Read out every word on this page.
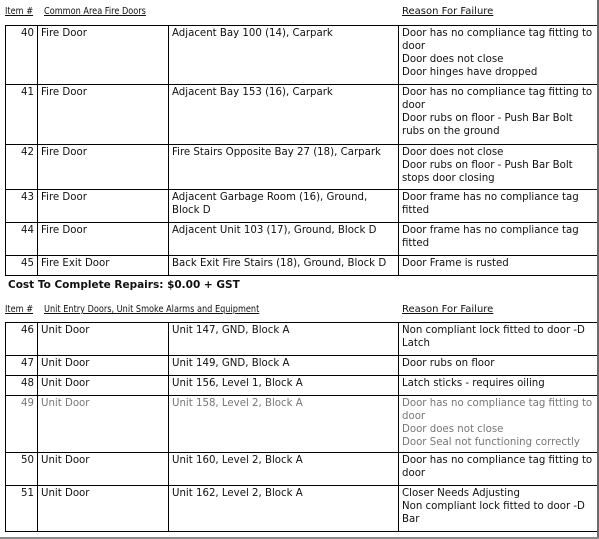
Item # Common Area Fire Doors	Reason For Failure
40	Fire Door	Adjacent Bay 100 (14), Carpark	Door has no compliance tag fitting to door
Door does not close
Door hinges have dropped

41	Fire Door	Adjacent Bay 153 (16), Carpark	Door has no compliance tag fitting to door
Door rubs on floor - Push Bar Bolt rubs on the ground

42	Fire Door	Fire Stairs Opposite Bay 27 (18), Carpark	Door does not close
Door rubs on floor - Push Bar Bolt stops door closing

43	Fire Door	Adjacent Garbage Room (16), Ground, Block D	Door frame has no compliance tag fitted

44	Fire Door	Adjacent Unit 103 (17), Ground, Block D	Door frame has no compliance tag fitted

45	Fire Exit Door	Back Exit Fire Stairs (18), Ground, Block D	Door Frame is rusted
Cost To Complete Repairs: $0.00 + GST
Item # Unit Entry Doors, Unit Smoke Alarms and Equipment	Reason For Failure
46	Unit Door	Unit 147, GND, Block A	Non compliant lock fitted to door -D Latch

47	Unit Door	Unit 149, GND, Block A	Door rubs on floor

48	Unit Door	Unit 156, Level 1, Block A	Latch sticks - requires oiling

49	Unit Door	Unit 158, Level 2, Block A	Door has no compliance tag fitting to door
Door does not close
Door Seal not functioning correctly

50	Unit Door	Unit 160, Level 2, Block A	Door has no compliance tag fitting to door

51	Unit Door	Unit 162, Level 2, Block A	Closer Needs Adjusting
Non compliant lock fitted to door -D Bar
